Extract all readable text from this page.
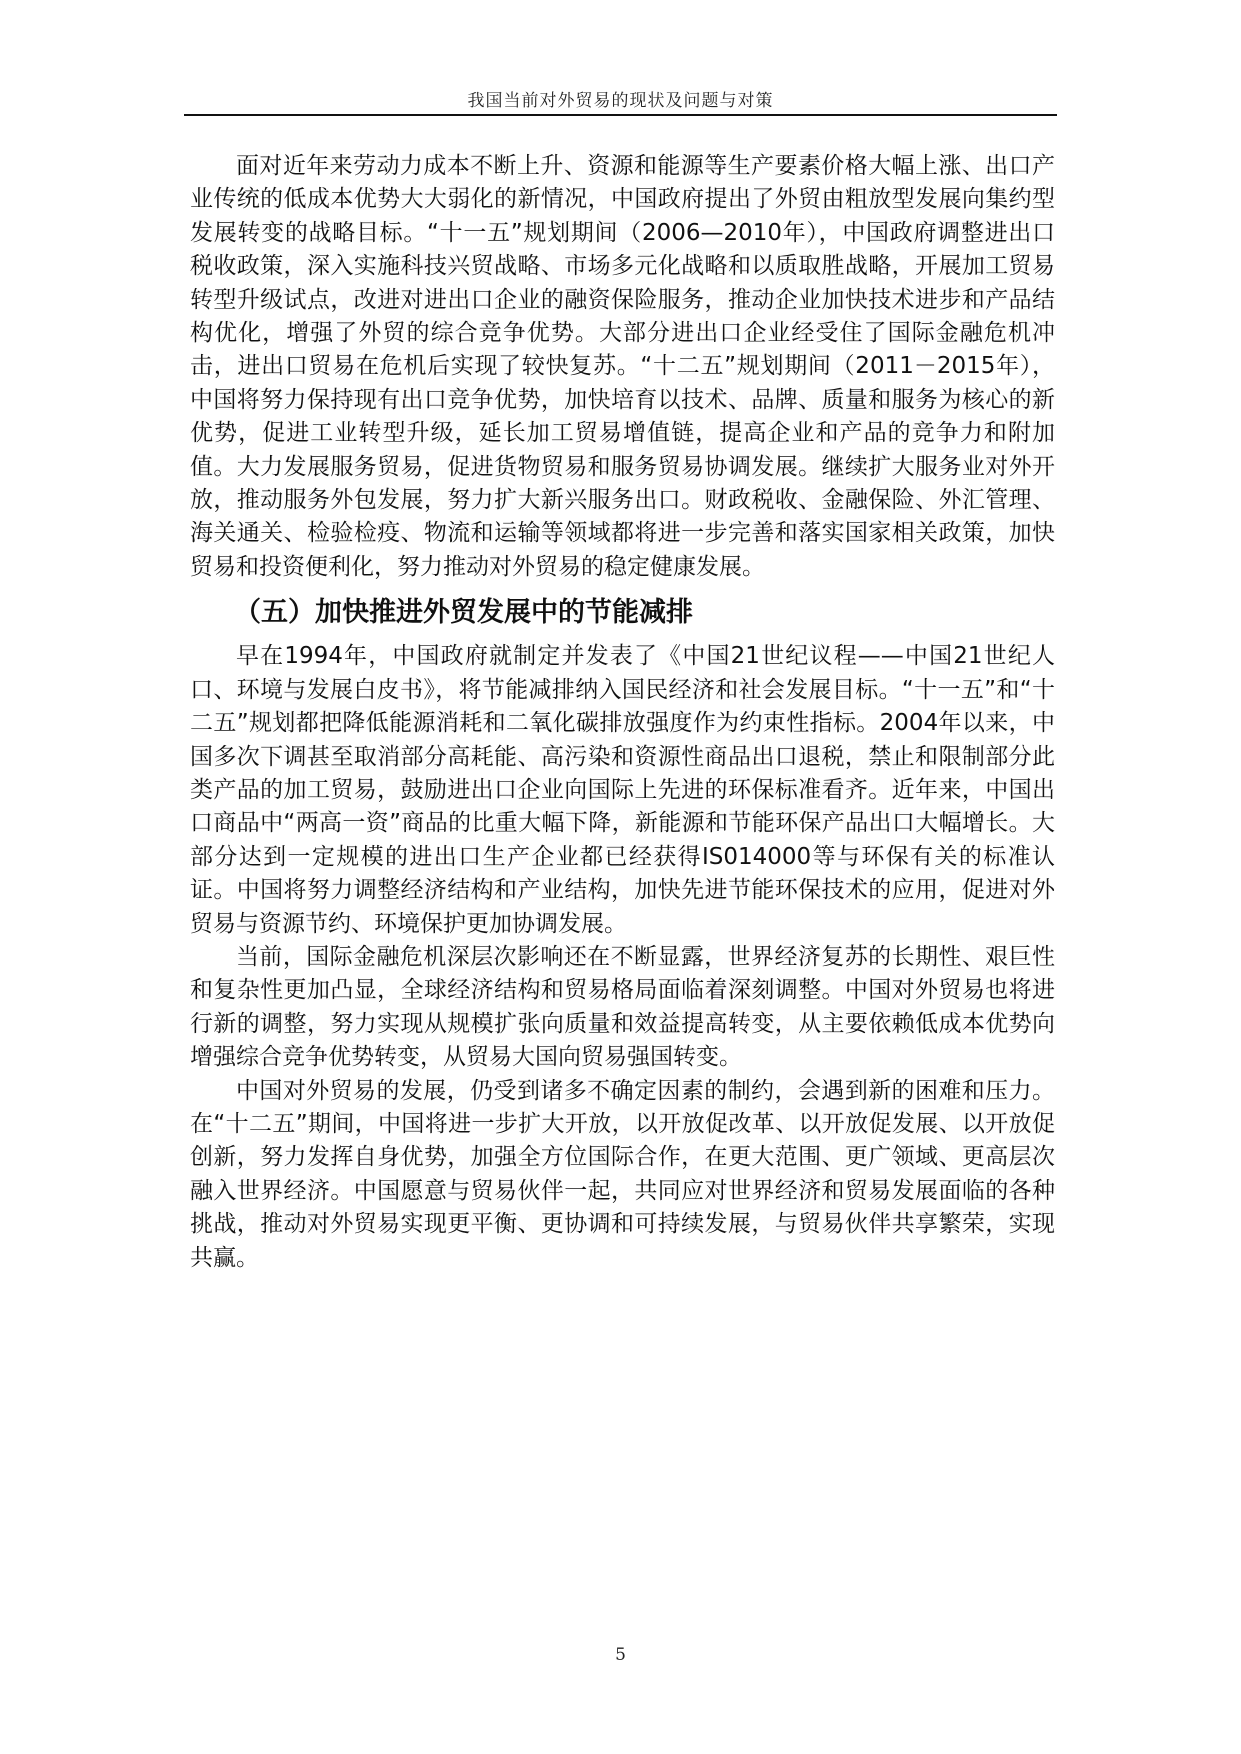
我国当前对外贸易的现状及问题与对策

面对近年来劳动力成本不断上升、资源和能源等生产要素价格大幅上涨、出口产业传统的低成本优势大大弱化的新情况，中国政府提出了外贸由粗放型发展向集约型发展转变的战略目标。“十一五”规划期间（2006—2010年），中国政府调整进出口税收政策，深入实施科技兴贸战略、市场多元化战略和以质取胜战略，开展加工贸易转型升级试点，改进对进出口企业的融资保险服务，推动企业加快技术进步和产品结构优化，增强了外贸的综合竞争优势。大部分进出口企业经受住了国际金融危机冲击，进出口贸易在危机后实现了较快复苏。“十二五”规划期间（2011－2015年），中国将努力保持现有出口竞争优势，加快培育以技术、品牌、质量和服务为核心的新优势，促进工业转型升级，延长加工贸易增值链，提高企业和产品的竞争力和附加值。大力发展服务贸易，促进货物贸易和服务贸易协调发展。继续扩大服务业对外开放，推动服务外包发展，努力扩大新兴服务出口。财政税收、金融保险、外汇管理、海关通关、检验检疫、物流和运输等领域都将进一步完善和落实国家相关政策，加快贸易和投资便利化，努力推动对外贸易的稳定健康发展。

（五）加快推进外贸发展中的节能减排

早在1994年，中国政府就制定并发表了《中国21世纪议程——中国21世纪人口、环境与发展白皮书》，将节能减排纳入国民经济和社会发展目标。“十一五”和“十二五”规划都把降低能源消耗和二氧化碳排放强度作为约束性指标。2004年以来，中国多次下调甚至取消部分高耗能、高污染和资源性商品出口退税，禁止和限制部分此类产品的加工贸易，鼓励进出口企业向国际上先进的环保标准看齐。近年来，中国出口商品中“两高一资”商品的比重大幅下降，新能源和节能环保产品出口大幅增长。大部分达到一定规模的进出口生产企业都已经获得IS014000等与环保有关的标准认证。中国将努力调整经济结构和产业结构，加快先进节能环保技术的应用，促进对外贸易与资源节约、环境保护更加协调发展。

当前，国际金融危机深层次影响还在不断显露，世界经济复苏的长期性、艰巨性和复杂性更加凸显，全球经济结构和贸易格局面临着深刻调整。中国对外贸易也将进行新的调整，努力实现从规模扩张向质量和效益提高转变，从主要依赖低成本优势向增强综合竞争优势转变，从贸易大国向贸易强国转变。

中国对外贸易的发展，仍受到诸多不确定因素的制约，会遇到新的困难和压力。在“十二五”期间，中国将进一步扩大开放，以开放促改革、以开放促发展、以开放促创新，努力发挥自身优势，加强全方位国际合作，在更大范围、更广领域、更高层次融入世界经济。中国愿意与贸易伙伴一起，共同应对世界经济和贸易发展面临的各种挑战，推动对外贸易实现更平衡、更协调和可持续发展，与贸易伙伴共享繁荣，实现共赢。

5
